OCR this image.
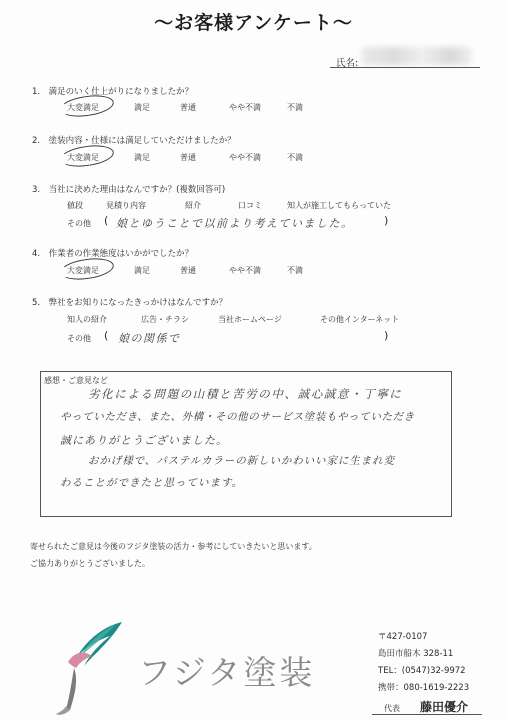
〜お客様アンケート〜
氏名:
1.　満足のいく仕上がりになりましたか？
大変満足	満足	普通	やや不満	不満
2.　塗装内容・仕様には満足していただけましたか？
大変満足	満足	普通	やや不満	不満
3.　当社に決めた理由はなんですか？(複数回答可)
値段	見積り内容	紹介	口コミ	知人が施工してもらっていた
その他 ( 娘とゆうことで以前より考えていました。	)
4.　作業者の作業態度はいかがでしたか？
大変満足	満足	普通	やや不満	不満
5.　弊社をお知りになったきっかけはなんですか？
知人の紹介	広告・チラシ	当社ホームページ	その他インターネット
その他 ( 娘の関係で	)
感想・ご意見など
劣化による問題の山積と苦労の中、誠心誠意・丁寧に
やっていただき、また、外構・その他のサービス塗装もやっていただき
誠にありがとうございました。
おかげ様で、パステルカラーの新しいかわいい家に生まれ変
わることができたと思っています。
寄せられたご意見は今後のフジタ塗装の活力・参考にしていきたいと思います。
ご協力ありがとうございました。
フジタ塗装
〒427-0107
島田市船木 328-11
TEL：(0547)32-9972
携帯：080-1619-2223
代表 藤田優介
